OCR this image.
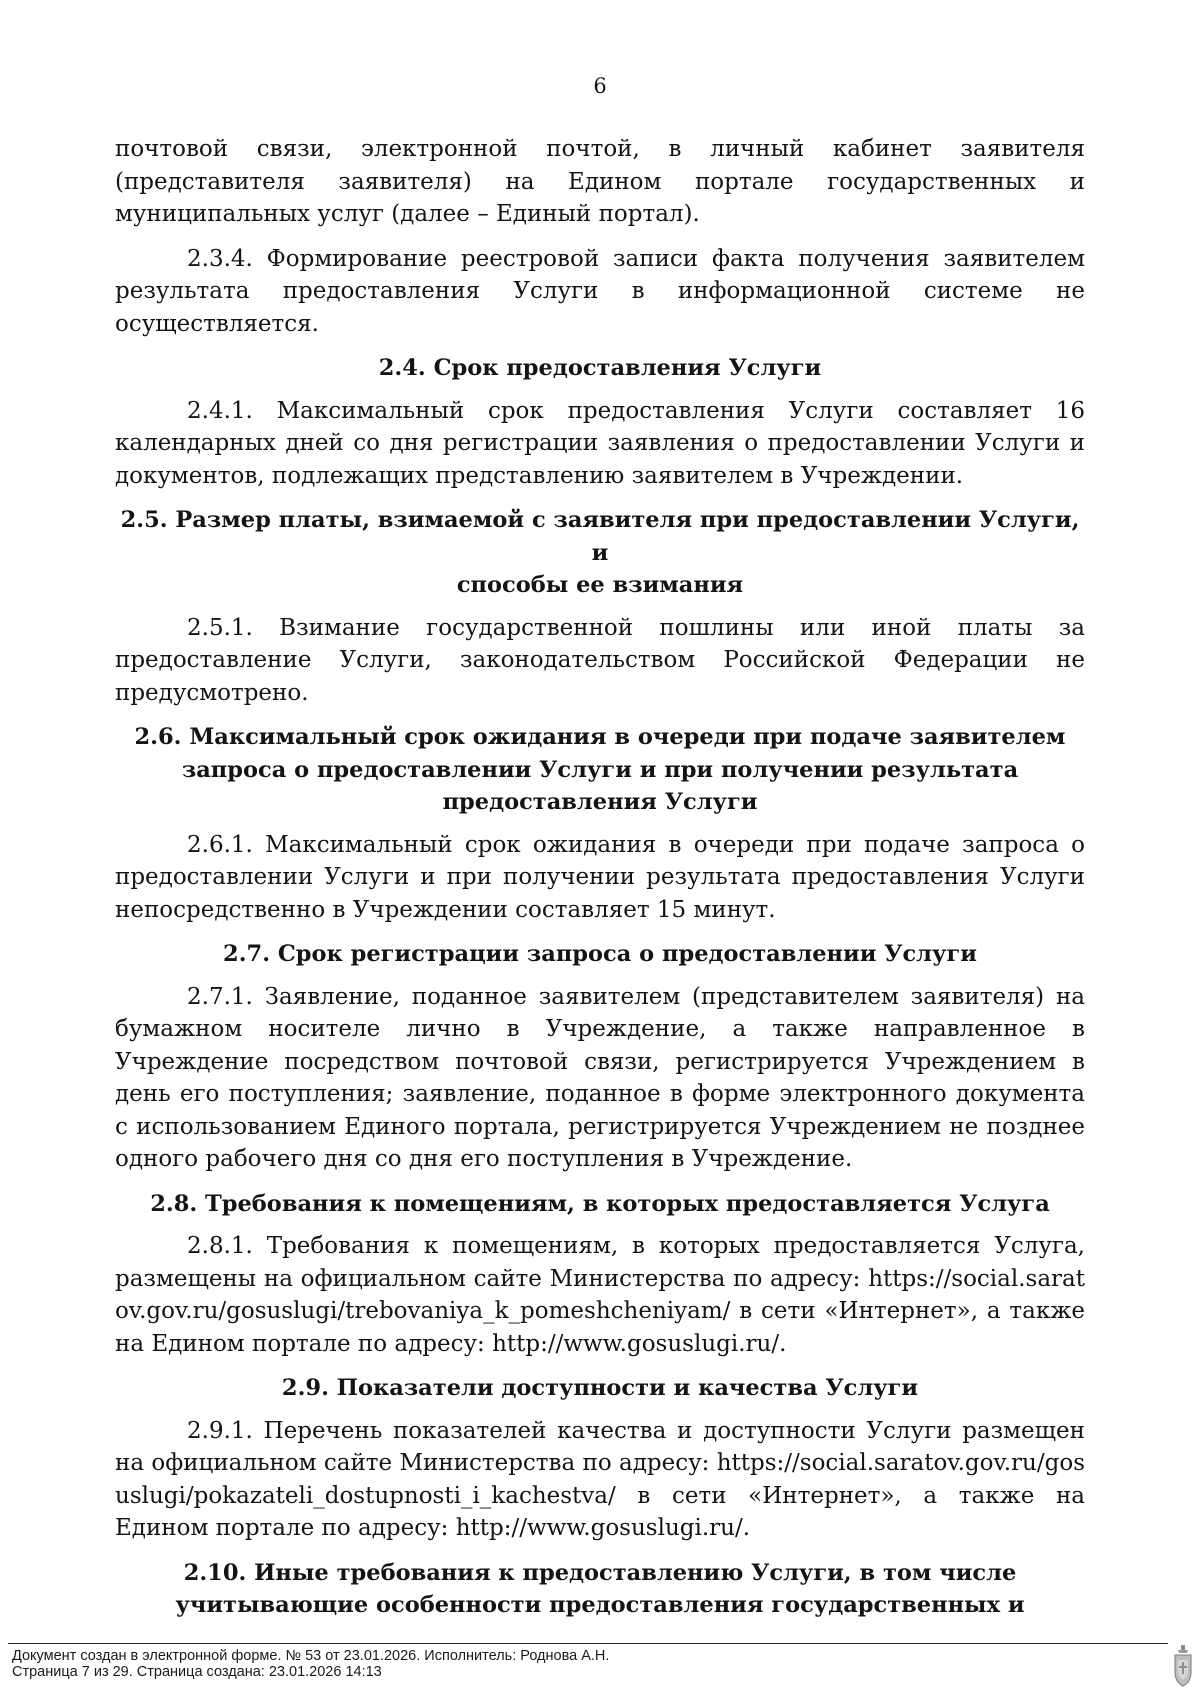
6

почтовой связи, электронной почтой, в личный кабинет заявителя (представителя заявителя) на Едином портале государственных и муниципальных услуг (далее – Единый портал).

2.3.4. Формирование реестровой записи факта получения заявителем результата предоставления Услуги в информационной системе не осуществляется.

2.4. Срок предоставления Услуги

2.4.1. Максимальный срок предоставления Услуги составляет 16 календарных дней со дня регистрации заявления о предоставлении Услуги и документов, подлежащих представлению заявителем в Учреждении.

2.5. Размер платы, взимаемой с заявителя при предоставлении Услуги, и
способы ее взимания

2.5.1. Взимание государственной пошлины или иной платы за предоставление Услуги, законодательством Российской Федерации не предусмотрено.

2.6. Максимальный срок ожидания в очереди при подаче заявителем
запроса о предоставлении Услуги и при получении результата
предоставления Услуги

2.6.1. Максимальный срок ожидания в очереди при подаче запроса о предоставлении Услуги и при получении результата предоставления Услуги непосредственно в Учреждении составляет 15 минут.

2.7. Срок регистрации запроса о предоставлении Услуги

2.7.1. Заявление, поданное заявителем (представителем заявителя) на бумажном носителе лично в Учреждение, а также направленное в Учреждение посредством почтовой связи, регистрируется Учреждением в день его поступления; заявление, поданное в форме электронного документа с использованием Единого портала, регистрируется Учреждением не позднее одного рабочего дня со дня его поступления в Учреждение.

2.8. Требования к помещениям, в которых предоставляется Услуга

2.8.1. Требования к помещениям, в которых предоставляется Услуга, размещены на официальном сайте Министерства по адресу: https://social.saratov.gov.ru/gosuslugi/trebovaniya_k_pomeshcheniyam/ в сети «Интернет», а также на Едином портале по адресу: http://www.gosuslugi.ru/.

2.9. Показатели доступности и качества Услуги

2.9.1. Перечень показателей качества и доступности Услуги размещен на официальном сайте Министерства по адресу: https://social.saratov.gov.ru/gosuslugi/pokazateli_dostupnosti_i_kachestva/ в сети «Интернет», а также на Едином портале по адресу: http://www.gosuslugi.ru/.

2.10. Иные требования к предоставлению Услуги, в том числе
учитывающие особенности предоставления государственных и
Документ создан в электронной форме. № 53 от 23.01.2026. Исполнитель: Роднова А.Н.
Страница 7 из 29. Страница создана: 23.01.2026 14:13
